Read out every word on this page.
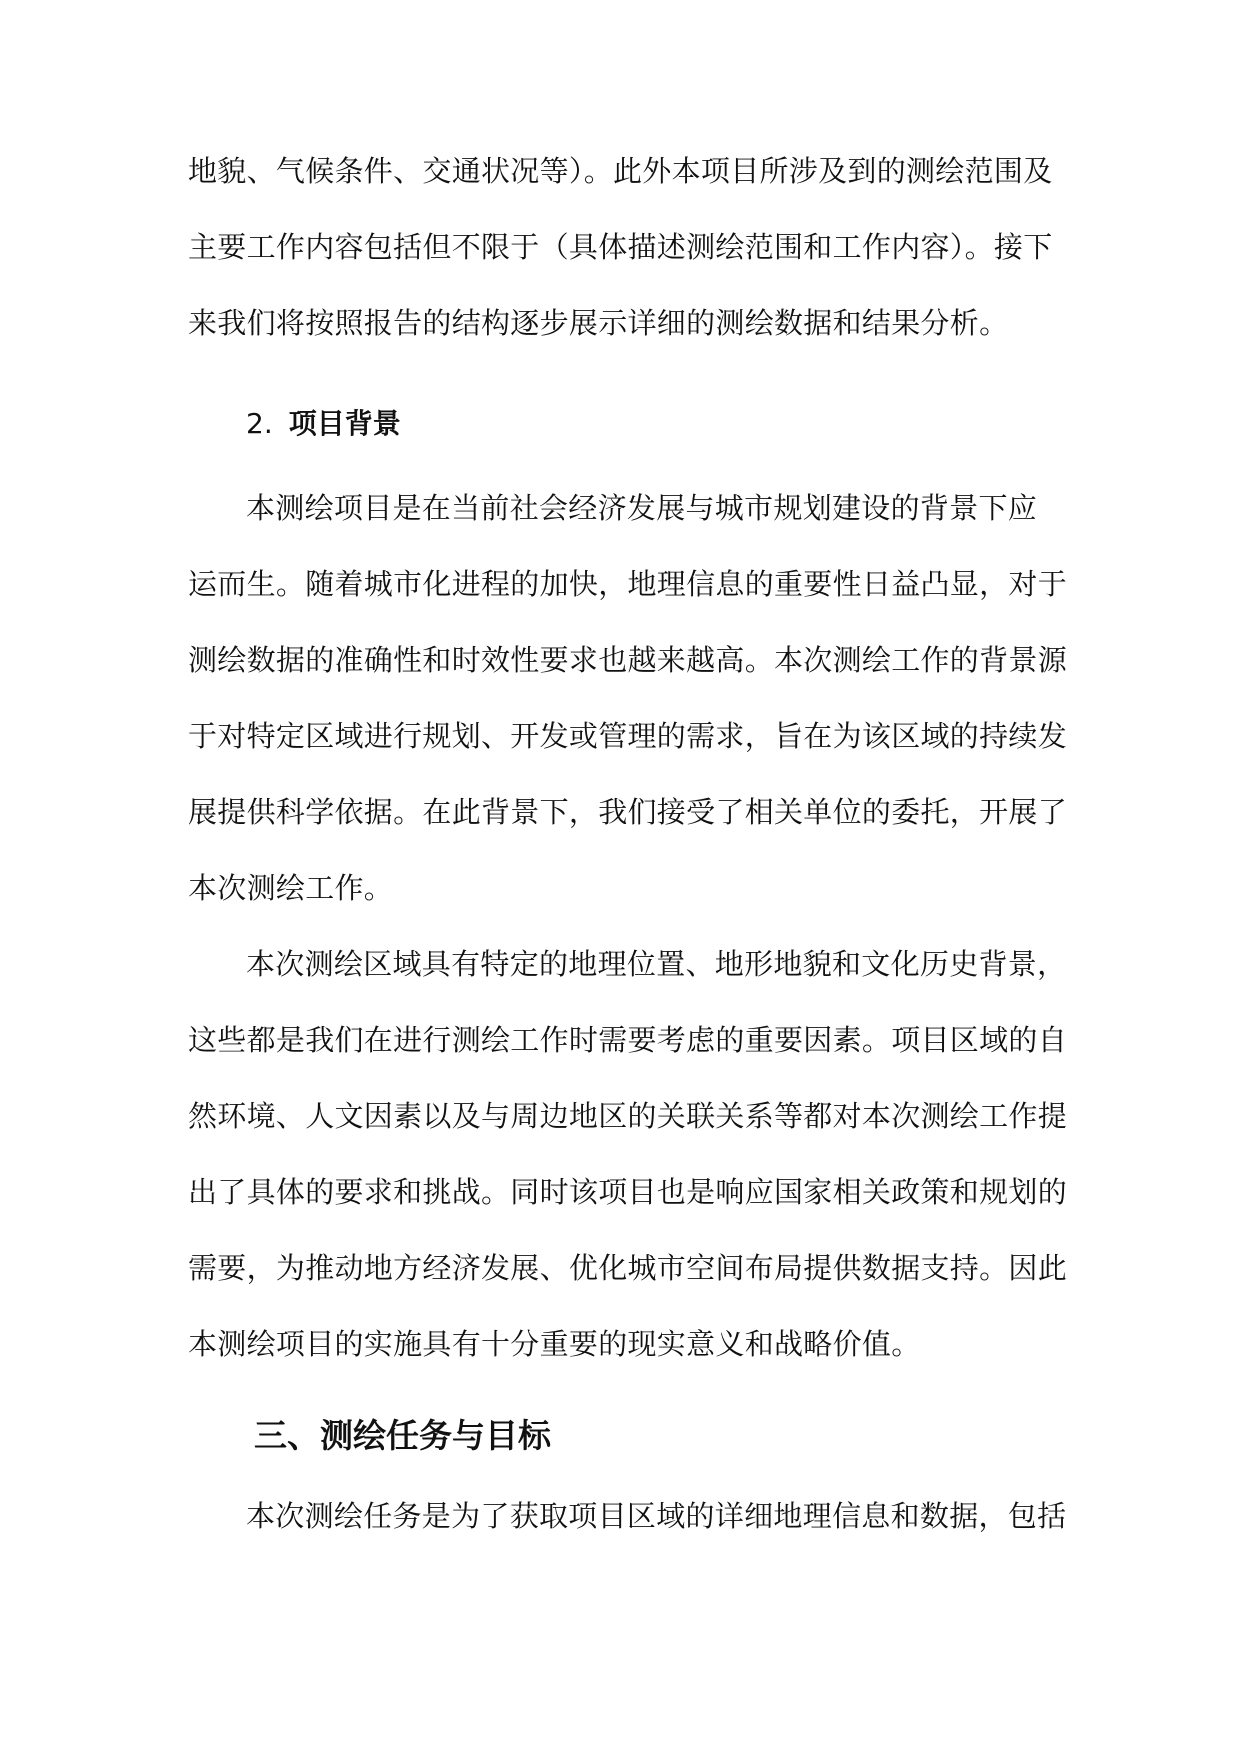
地貌、气候条件、交通状况等）。此外本项目所涉及到的测绘范围及
主要工作内容包括但不限于（具体描述测绘范围和工作内容）。接下
来我们将按照报告的结构逐步展示详细的测绘数据和结果分析。
2. 项目背景
本测绘项目是在当前社会经济发展与城市规划建设的背景下应
运而生。随着城市化进程的加快，地理信息的重要性日益凸显，对于
测绘数据的准确性和时效性要求也越来越高。本次测绘工作的背景源
于对特定区域进行规划、开发或管理的需求，旨在为该区域的持续发
展提供科学依据。在此背景下，我们接受了相关单位的委托，开展了
本次测绘工作。
本次测绘区域具有特定的地理位置、地形地貌和文化历史背景，
这些都是我们在进行测绘工作时需要考虑的重要因素。项目区域的自
然环境、人文因素以及与周边地区的关联关系等都对本次测绘工作提
出了具体的要求和挑战。同时该项目也是响应国家相关政策和规划的
需要，为推动地方经济发展、优化城市空间布局提供数据支持。因此
本测绘项目的实施具有十分重要的现实意义和战略价值。
三、测绘任务与目标
本次测绘任务是为了获取项目区域的详细地理信息和数据，包括
